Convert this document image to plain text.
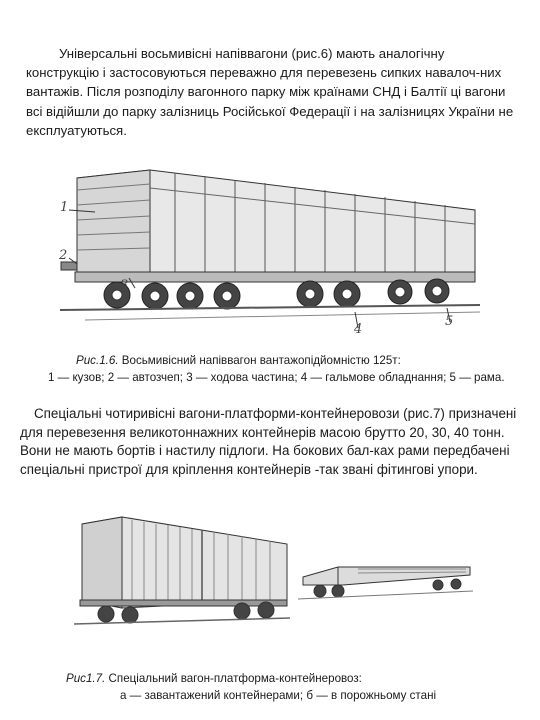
Універсальні восьмивісні напіввагони (рис.6) мають аналогічну конструкцію і застосовуються переважно для перевезень сипких навалоч-них вантажів. Після розподілу вагонного парку між країнами СНД і Балтії ці вагони всі відійшли до парку залізниць Російської Федерації і на залізницях України не експлуатуються.

1
2
3
4
5

Рис.1.6. Восьмивісний напіввагон вантажопідйомністю 125т:
1 — кузов; 2 — автозчеп; 3 — ходова частина; 4 — гальмове обладнання; 5 — рама.

Спеціальні чотиривісні вагони-платформи-контейнеровози (рис.7) призначені для перевезення великотоннажних контейнерів масою брутто 20, 30, 40 тонн. Вони не мають бортів і настилу підлоги. На бокових бал-ках рами передбачені спеціальні пристрої для кріплення контейнерів -так звані фітингові упори.

Рис1.7. Спеціальний вагон-платформа-контейнеровоз:
а — завантажений контейнерами; б — в порожньому стані
